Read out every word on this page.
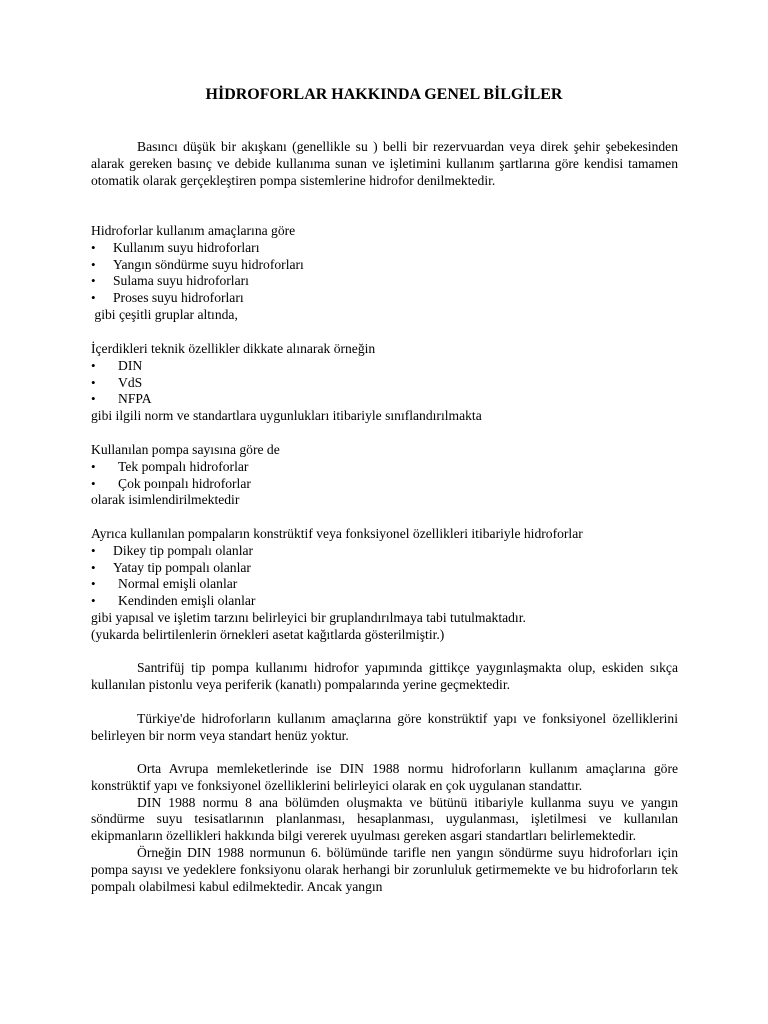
HİDROFORLAR HAKKINDA GENEL BİLGİLER

Basıncı düşük bir akışkanı (genellikle su ) belli bir rezervuardan veya direk şehir şebekesinden alarak gereken basınç ve debide kullanıma sunan ve işletimini kullanım şartlarına göre kendisi tamamen otomatik olarak gerçekleştiren pompa sistemlerine hidrofor denilmektedir.

Hidroforlar kullanım amaçlarına göre

•
Kullanım suyu hidroforları
•
Yangın söndürme suyu hidroforları
•
Sulama suyu hidroforları
•
Proses suyu hidroforları

gibi çeşitli gruplar altında,

İçerdikleri teknik özellikler dikkate alınarak örneğin

•
DIN
•
VdS
•
NFPA

gibi ilgili norm ve standartlara uygunlukları itibariyle sınıflandırılmakta

Kullanılan pompa sayısına göre de

•
Tek pompalı hidroforlar
•
Çok poınpalı hidroforlar

olarak isimlendirilmektedir

Ayrıca kullanılan pompaların konstrüktif veya fonksiyonel özellikleri itibariyle hidroforlar

•
Dikey tip pompalı olanlar
•
Yatay tip pompalı olanlar
•
Normal emişli olanlar
•
Kendinden emişli olanlar

gibi yapısal ve işletim tarzını belirleyici bir gruplandırılmaya tabi tutulmaktadır.

(yukarda belirtilenlerin örnekleri asetat kağıtlarda gösterilmiştir.)

Santrifüj tip pompa kullanımı hidrofor yapımında gittikçe yaygınlaşmakta olup, eskiden sıkça kullanılan pistonlu veya periferik (kanatlı) pompalarında yerine geçmektedir.

Türkiye'de hidroforların kullanım amaçlarına göre konstrüktif yapı ve fonksiyonel özelliklerini belirleyen bir norm veya standart henüz yoktur.

Orta Avrupa memleketlerinde ise DIN 1988 normu hidroforların kullanım amaçlarına göre konstrüktif yapı ve fonksiyonel özelliklerini belirleyici olarak en çok uygulanan standattır.

DIN 1988 normu 8 ana bölümden oluşmakta ve bütünü itibariyle kullanma suyu ve yangın söndürme suyu tesisatlarının planlanması, hesaplanması, uygulanması, işletilmesi ve kullanılan ekipmanların özellikleri hakkında bilgi vererek uyulması gereken asgari standartları belirlemektedir.

Örneğin DIN 1988 normunun 6. bölümünde tarifle nen yangın söndürme suyu hidroforları için pompa sayısı ve yedeklere fonksiyonu olarak herhangi bir zorunluluk getirmemekte ve bu hidroforların tek pompalı olabilmesi kabul edilmektedir. Ancak yangın
